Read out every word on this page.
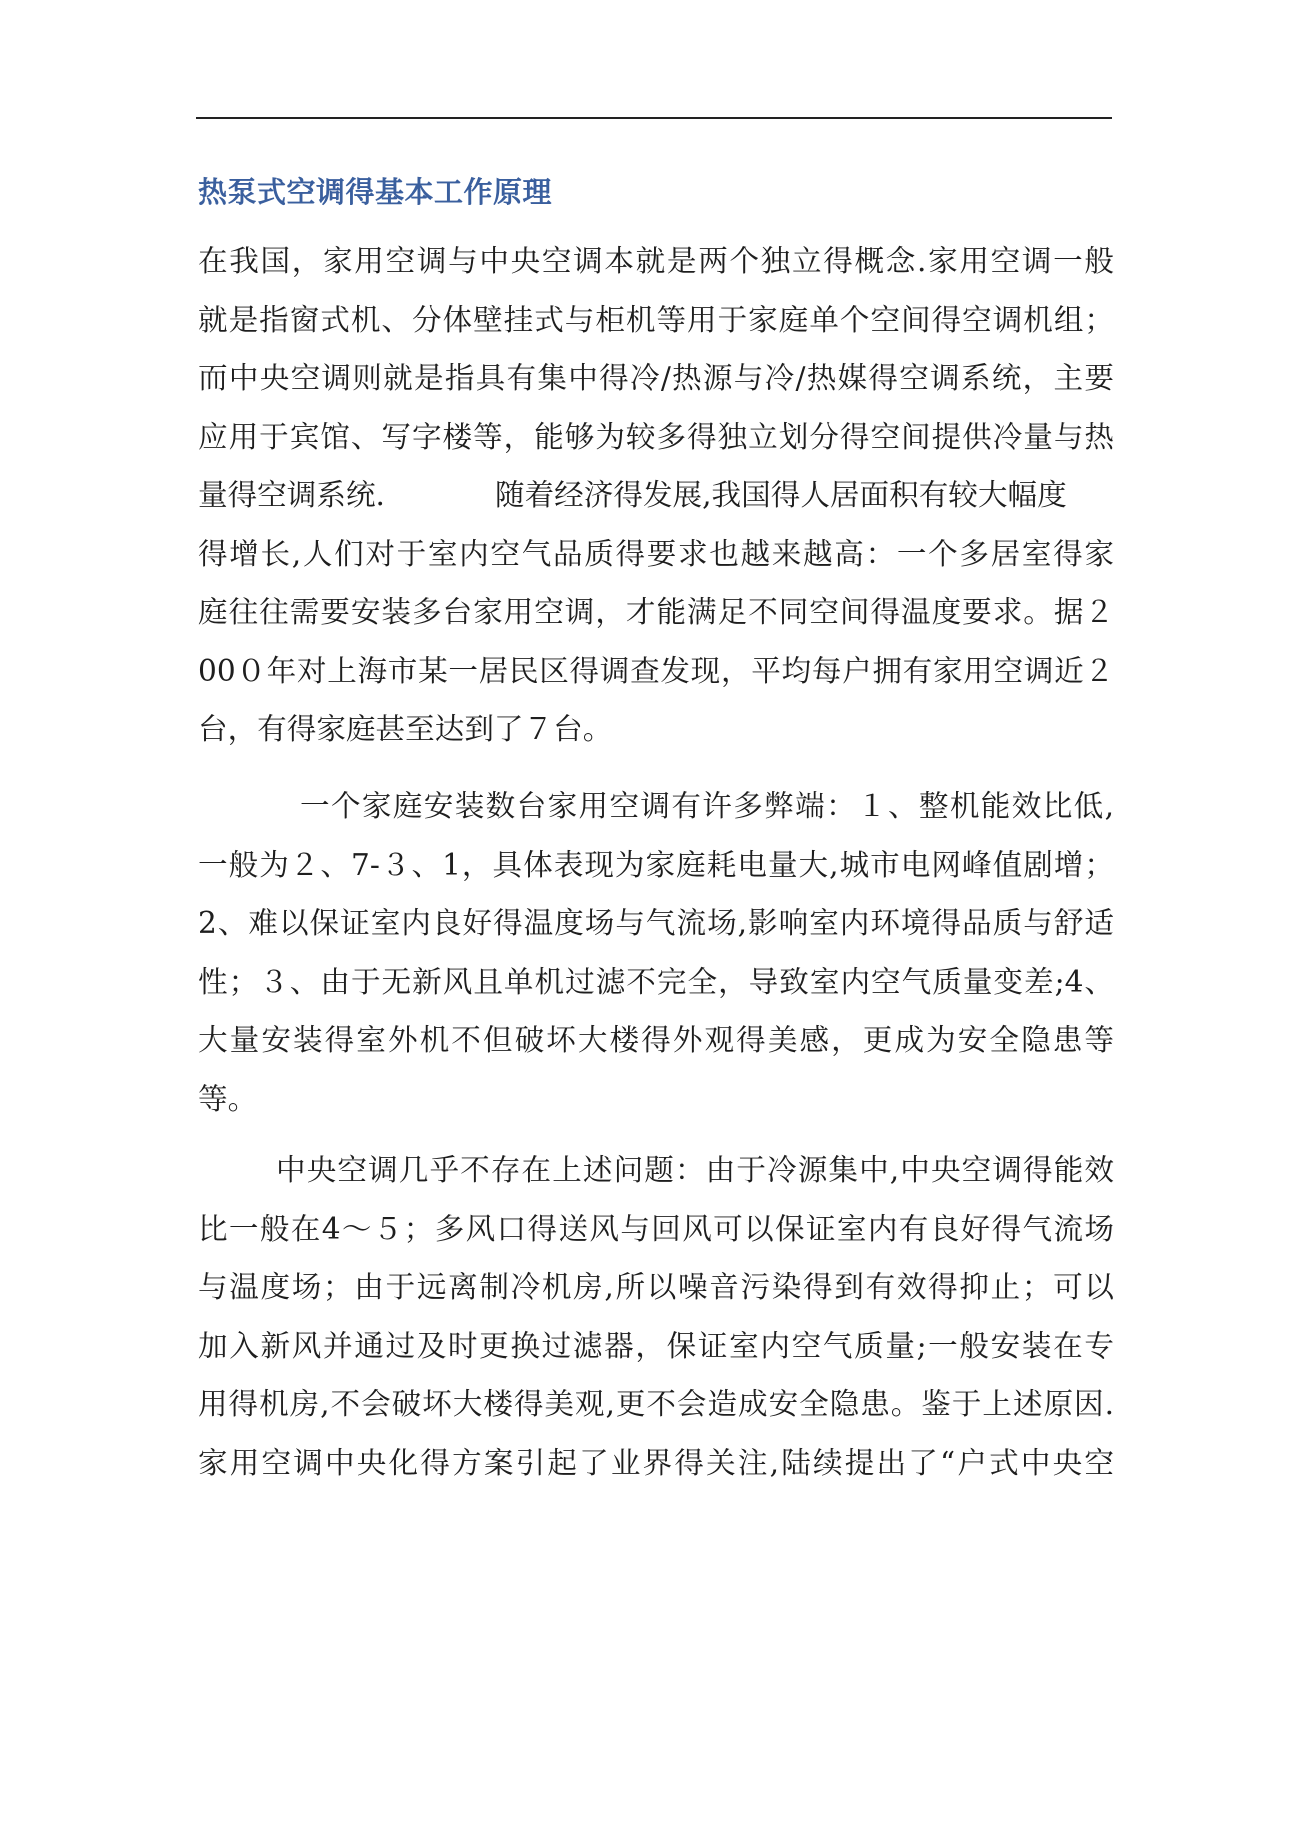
热泵式空调得基本工作原理
在我国，家用空调与中央空调本就是两个独立得概念.家用空调一般
就是指窗式机、分体壁挂式与柜机等用于家庭单个空间得空调机组；
而中央空调则就是指具有集中得冷/热源与冷/热媒得空调系统，主要
应用于宾馆、写字楼等，能够为较多得独立划分得空间提供冷量与热
量得空调系统.	随着经济得发展,我国得人居面积有较大幅度
得增长,人们对于室内空气品质得要求也越来越高：一个多居室得家
庭往往需要安装多台家用空调，才能满足不同空间得温度要求。据２
00０年对上海市某一居民区得调查发现，平均每户拥有家用空调近２
台，有得家庭甚至达到了７台。
一个家庭安装数台家用空调有许多弊端：１、整机能效比低,
一般为２、7-３、1，具体表现为家庭耗电量大,城市电网峰值剧增；
2、难以保证室内良好得温度场与气流场,影响室内环境得品质与舒适
性；３、由于无新风且单机过滤不完全，导致室内空气质量变差;4、
大量安装得室外机不但破坏大楼得外观得美感，更成为安全隐患等
等。
中央空调几乎不存在上述问题：由于冷源集中,中央空调得能效
比一般在4～５；多风口得送风与回风可以保证室内有良好得气流场
与温度场；由于远离制冷机房,所以噪音污染得到有效得抑止；可以
加入新风并通过及时更换过滤器，保证室内空气质量;一般安装在专
用得机房,不会破坏大楼得美观,更不会造成安全隐患。鉴于上述原因.
家用空调中央化得方案引起了业界得关注,陆续提出了“户式中央空
